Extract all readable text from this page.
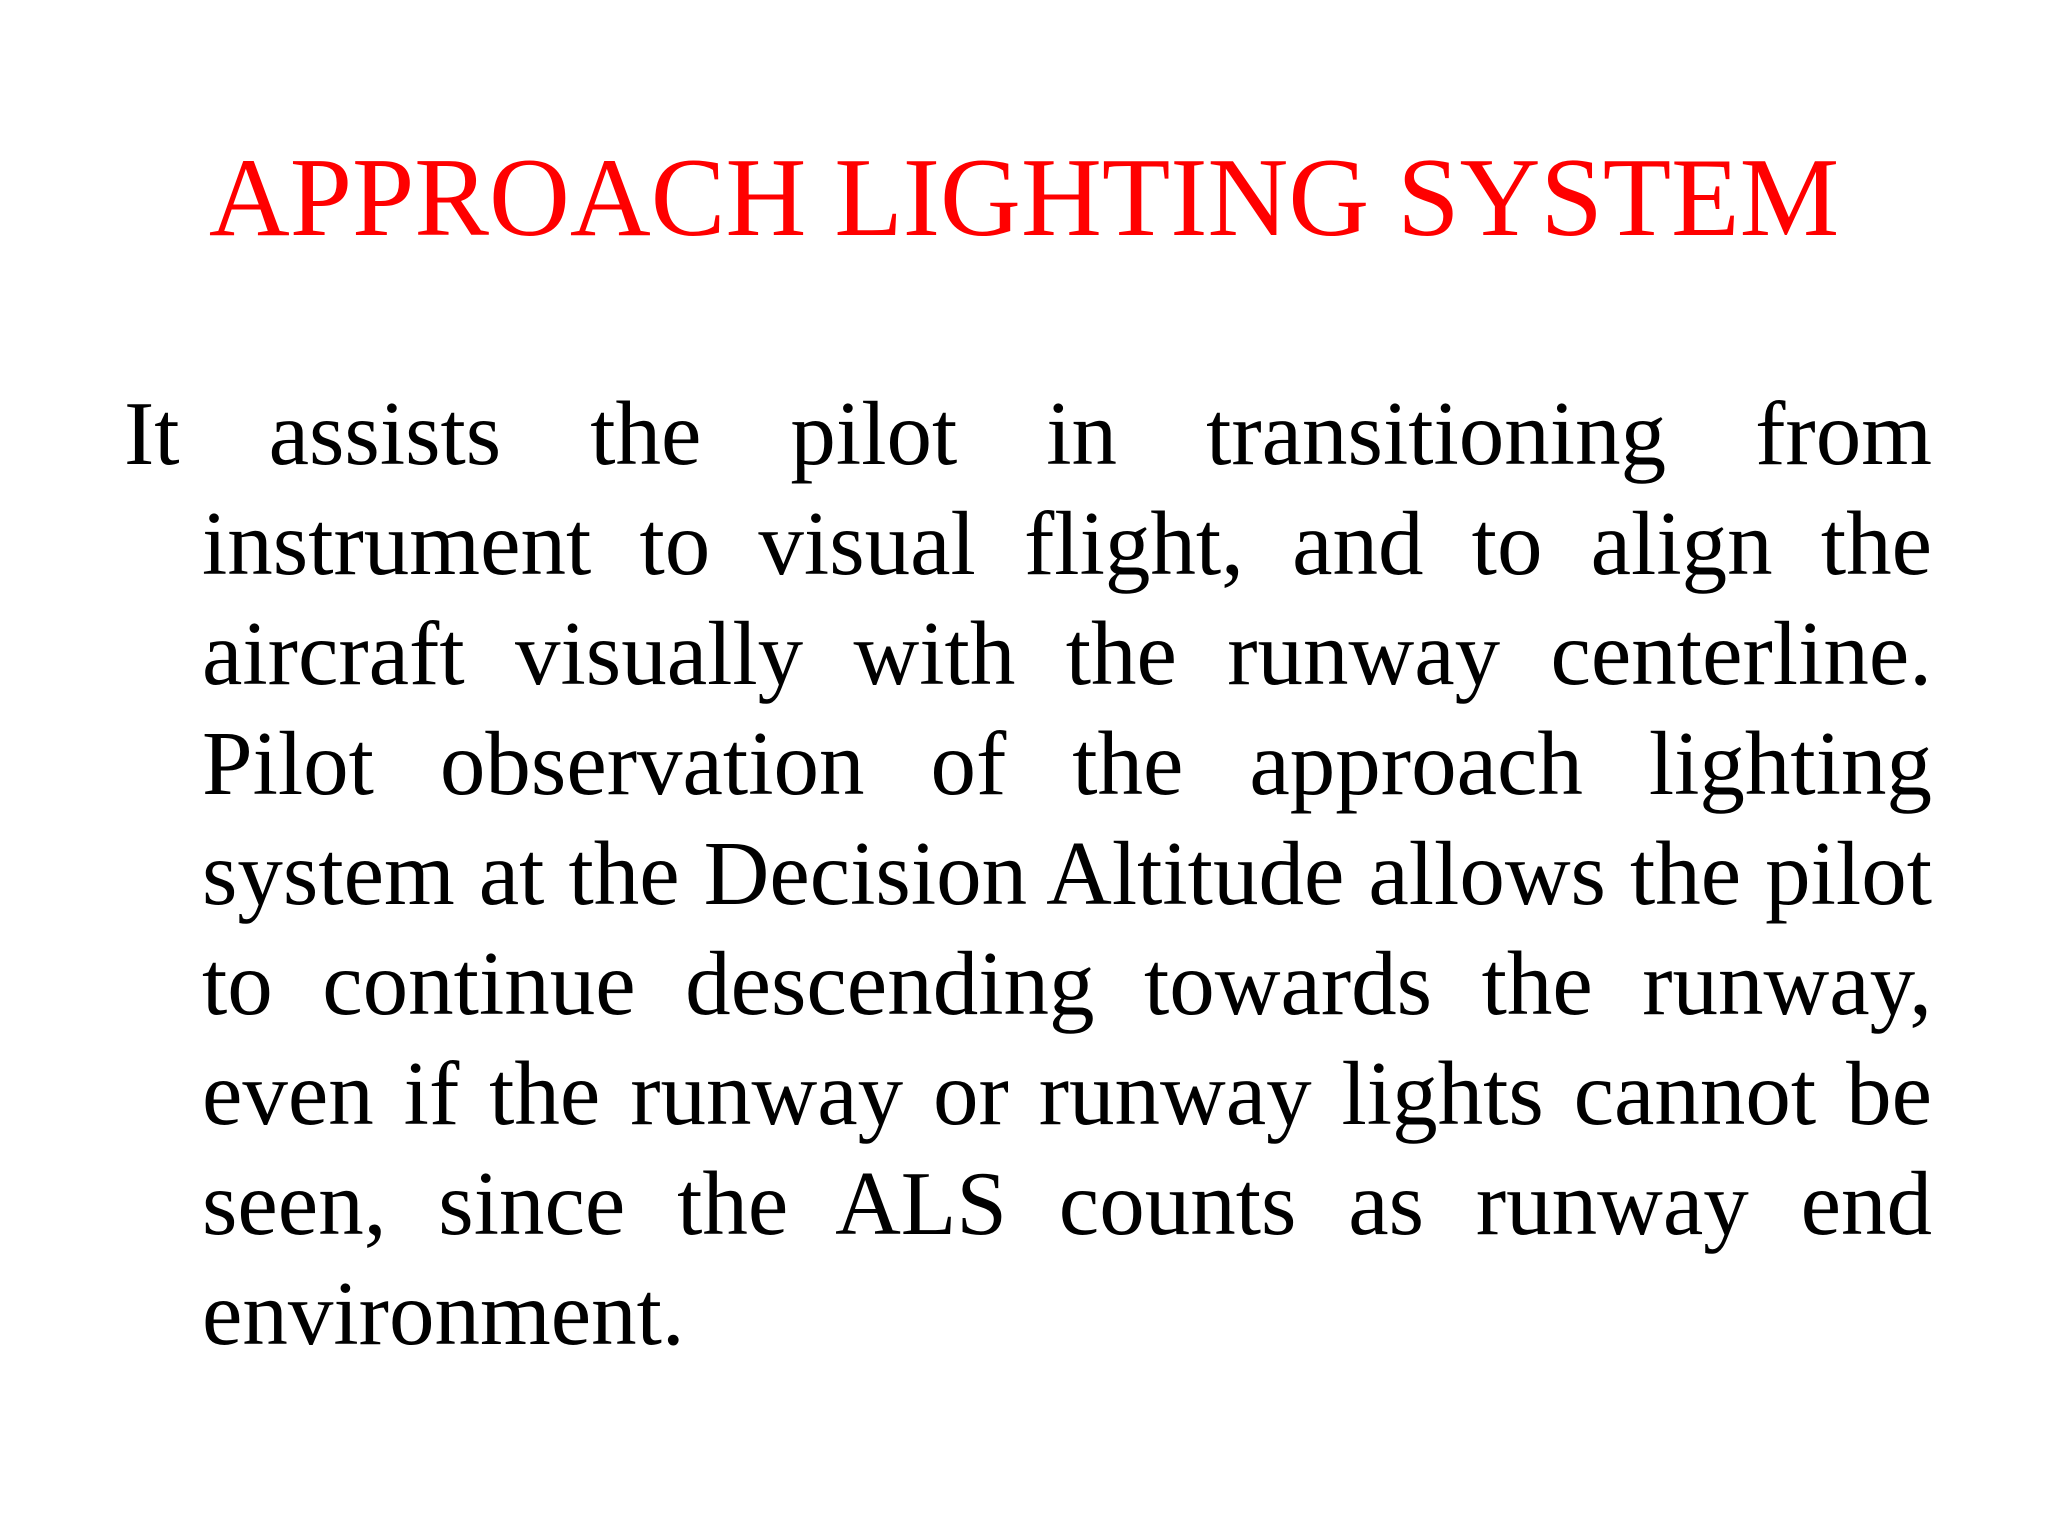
APPROACH LIGHTING SYSTEM

It assists the pilot in transitioning from instrument to visual flight, and to align the aircraft visually with the runway centerline. Pilot observation of the approach lighting system at the Decision Altitude allows the pilot to continue descending towards the runway, even if the runway or runway lights cannot be seen, since the ALS counts as runway end environment.
